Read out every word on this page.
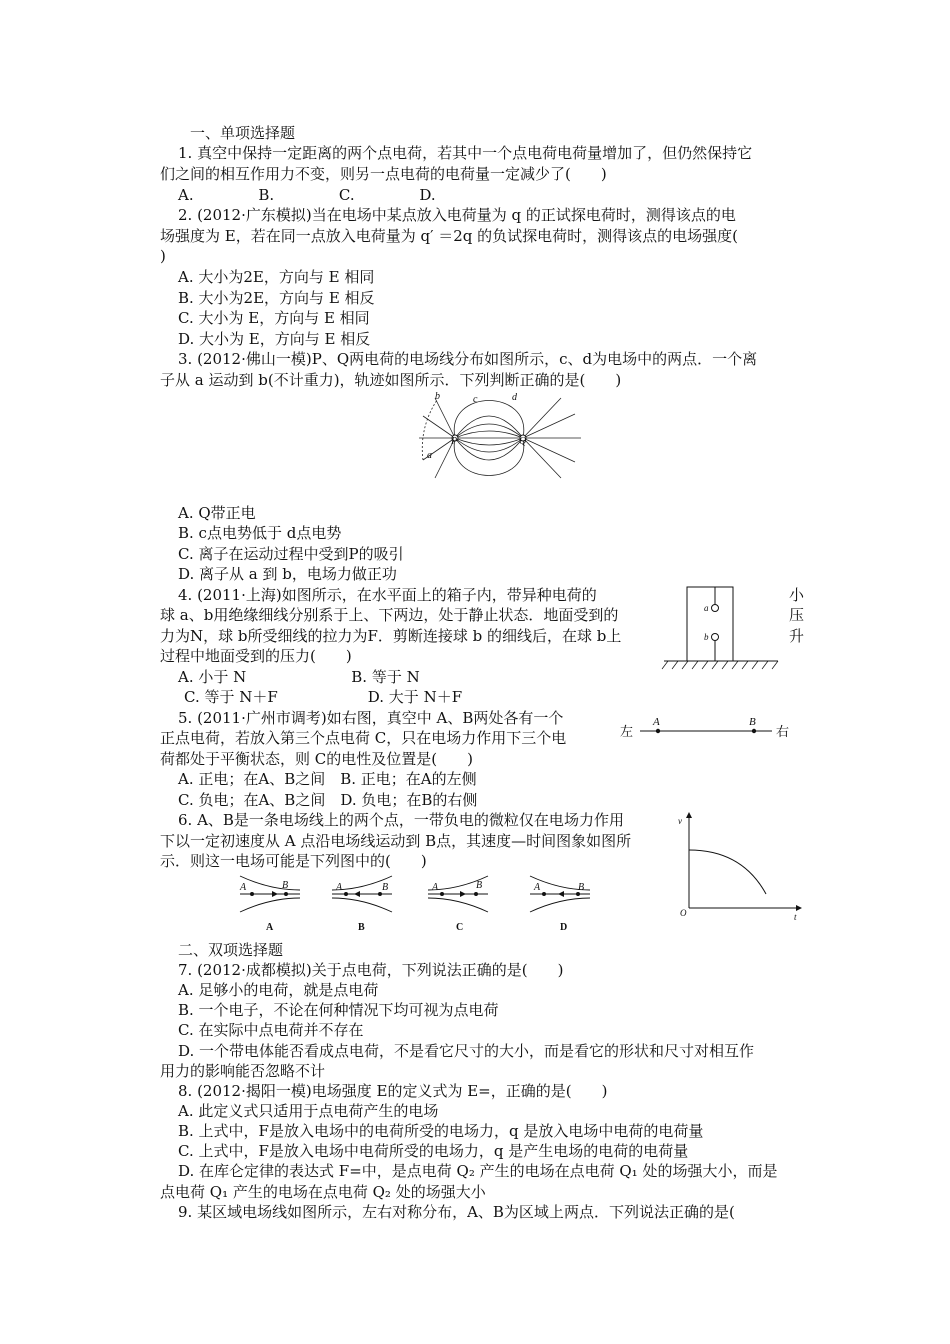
一、单项选择题
1. 真空中保持一定距离的两个点电荷，若其中一个点电荷电荷量增加了，但仍然保持它
们之间的相互作用力不变，则另一点电荷的电荷量一定减少了(　　)
A.　　　　 B.　　　　 C.　　　　 D.
2. (2012·广东模拟)当在电场中某点放入电荷量为 q 的正试探电荷时，测得该点的电
场强度为 E，若在同一点放入电荷量为 q′ ＝2q 的负试探电荷时，测得该点的电场强度(
)
A. 大小为2E，方向与 E 相同
B. 大小为2E，方向与 E 相反
C. 大小为 E，方向与 E 相同
D. 大小为 E，方向与 E 相反
3. (2012·佛山一模)P、Q两电荷的电场线分布如图所示，c、d为电场中的两点．一个离
子从 a 运动到 b(不计重力)，轨迹如图所示．下列判断正确的是(　　)
A. Q带正电
B. c点电势低于 d点电势
C. 离子在运动过程中受到P的吸引
D. 离子从 a 到 b，电场力做正功
4. (2011·上海)如图所示，在水平面上的箱子内，带异种电荷的
球 a、b用绝缘细线分别系于上、下两边，处于静止状态．地面受到的
力为N，球 b所受细线的拉力为F．剪断连接球 b 的细线后，在球 b上
过程中地面受到的压力(　　)
A. 小于 N　　　　　　　B. 等于 N
C. 等于 N＋F　　　　　　D. 大于 N＋F
5. (2011·广州市调考)如右图，真空中 A、B两处各有一个
正点电荷，若放入第三个点电荷 C，只在电场力作用下三个电
荷都处于平衡状态，则 C的电性及位置是(　　)
A. 正电；在A、B之间　B. 正电；在A的左侧
C. 负电；在A、B之间　D. 负电；在B的右侧
6. A、B是一条电场线上的两个点，一带负电的微粒仅在电场力作用
下以一定初速度从 A 点沿电场线运动到 B点，其速度—时间图象如图所
示．则这一电场可能是下列图中的(　　)
二、双项选择题
7. (2012·成都模拟)关于点电荷，下列说法正确的是(　　)
A. 足够小的电荷，就是点电荷
B. 一个电子，不论在何种情况下均可视为点电荷
C. 在实际中点电荷并不存在
D. 一个带电体能否看成点电荷，不是看它尺寸的大小，而是看它的形状和尺寸对相互作
用力的影响能否忽略不计
8. (2012·揭阳一模)电场强度 E的定义式为 E=，正确的是(　　)
A. 此定义式只适用于点电荷产生的电场
B. 上式中，F是放入电场中的电荷所受的电场力，q 是放入电场中电荷的电荷量
C. 上式中，F是放入电场中电荷所受的电场力，q 是产生电场的电荷的电荷量
D. 在库仑定律的表达式 F=中，是点电荷 Q₂ 产生的电场在点电荷 Q₁ 处的场强大小，而是
点电荷 Q₁ 产生的电场在点电荷 Q₂ 处的场强大小
9. 某区域电场线如图所示，左右对称分布，A、B为区域上两点．下列说法正确的是(
小
压
升
b	c	d
P	Q
a
a
b
左
A	B
右
A	B	A	B	A	B	A	B
A	B	C	D
v
O	t
